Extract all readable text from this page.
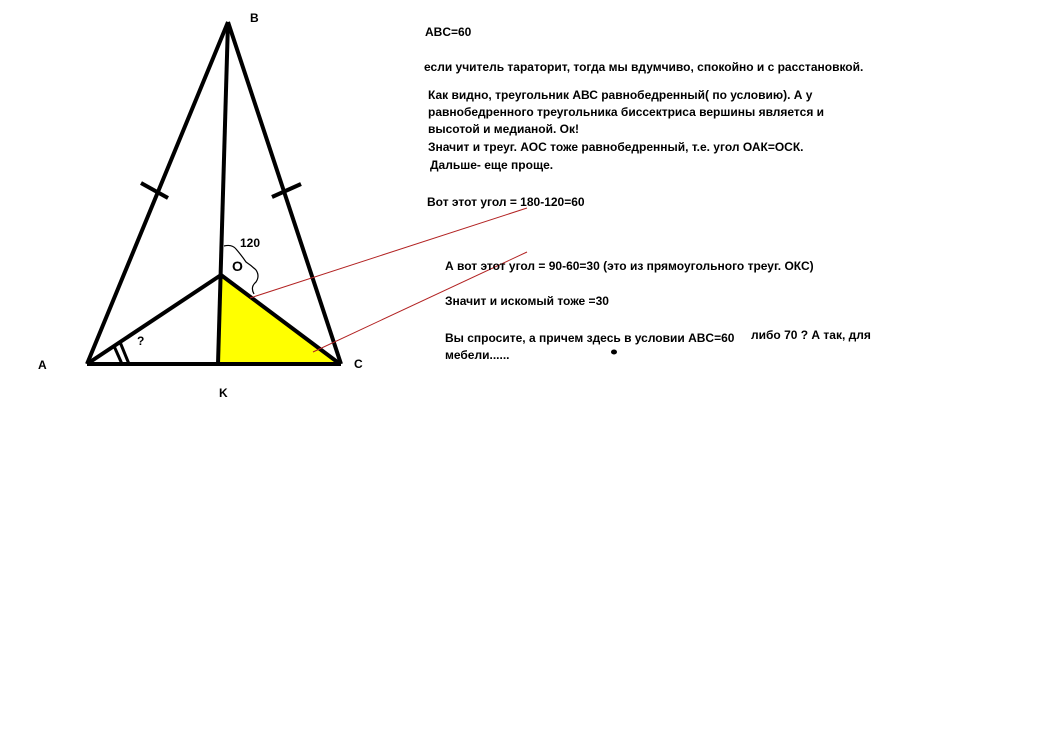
B
A	C
K
O
120
?
ABC=60
если учитель тараторит, тогда мы вдумчиво, спокойно и с расстановкой.
Как видно, треугольник АВС равнобедренный( по условию). А у
равнобедренного треугольника биссектриса вершины является и
высотой и медианой. Ок!
Значит и треуг. АОС тоже равнобедренный, т.е. угол ОАК=ОСК.
Дальше- еще проще.
Вот этот угол = 180-120=60
А вот этот угол = 90-60=30 (это из прямоугольного треуг. ОКС)
Значит и искомый тоже =30
Вы спросите, а причем здесь в условии ABC=60 либо 70 ? А так, для
мебели......
